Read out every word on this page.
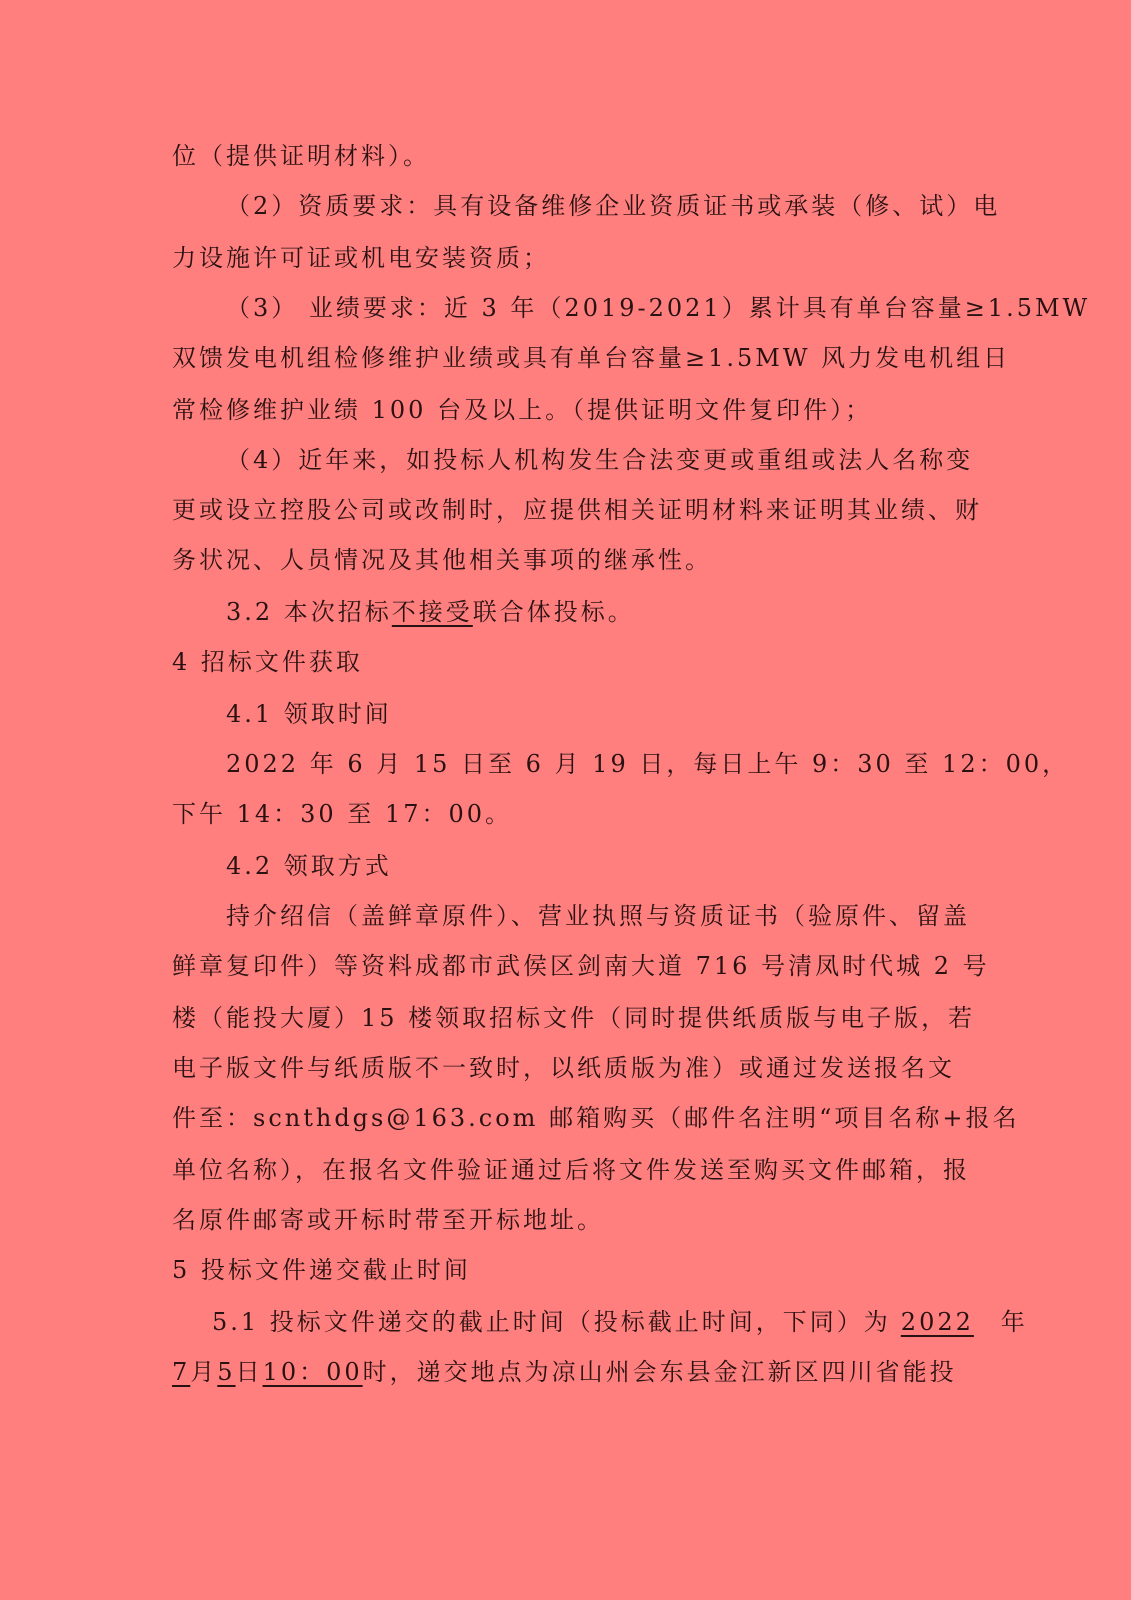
位（提供证明材料）。
（2）资质要求：具有设备维修企业资质证书或承装（修、试）电
力设施许可证或机电安装资质；
（3） 业绩要求：近 3 年（2019-2021）累计具有单台容量≥1.5MW
双馈发电机组检修维护业绩或具有单台容量≥1.5MW 风力发电机组日
常检修维护业绩 100 台及以上。（提供证明文件复印件）；
（4）近年来，如投标人机构发生合法变更或重组或法人名称变
更或设立控股公司或改制时，应提供相关证明材料来证明其业绩、财
务状况、人员情况及其他相关事项的继承性。
3.2 本次招标不接受联合体投标。
4 招标文件获取
4.1 领取时间
2022 年 6 月 15 日至 6 月 19 日，每日上午 9：30 至 12：00，
下午 14：30 至 17：00。
4.2 领取方式
持介绍信（盖鲜章原件）、营业执照与资质证书（验原件、留盖
鲜章复印件）等资料成都市武侯区剑南大道 716 号清凤时代城 2 号
楼（能投大厦）15 楼领取招标文件（同时提供纸质版与电子版，若
电子版文件与纸质版不一致时，以纸质版为准）或通过发送报名文
件至：scnthdgs@163.com 邮箱购买（邮件名注明“项目名称+报名
单位名称），在报名文件验证通过后将文件发送至购买文件邮箱，报
名原件邮寄或开标时带至开标地址。
5 投标文件递交截止时间
5.1 投标文件递交的截止时间（投标截止时间，下同）为 2022 年
7月5日10：00时，递交地点为凉山州会东县金江新区四川省能投
